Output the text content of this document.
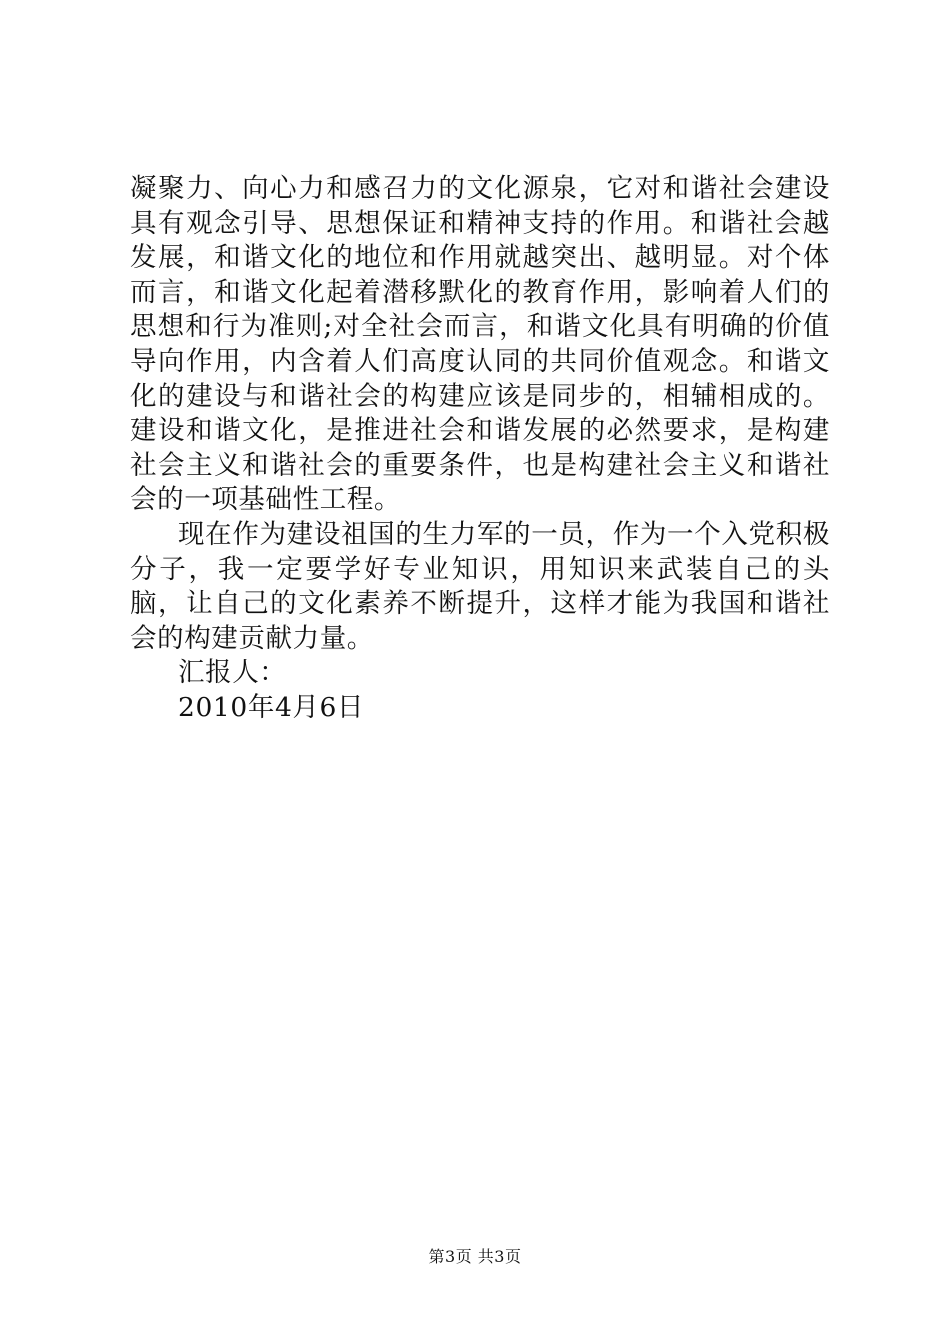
凝聚力、向心力和感召力的文化源泉，它对和谐社会建设具有观念引导、思想保证和精神支持的作用。和谐社会越发展，和谐文化的地位和作用就越突出、越明显。对个体而言，和谐文化起着潜移默化的教育作用，影响着人们的思想和行为准则;对全社会而言，和谐文化具有明确的价值导向作用，内含着人们高度认同的共同价值观念。和谐文化的建设与和谐社会的构建应该是同步的，相辅相成的。建设和谐文化，是推进社会和谐发展的必然要求，是构建社会主义和谐社会的重要条件，也是构建社会主义和谐社会的一项基础性工程。

现在作为建设祖国的生力军的一员，作为一个入党积极分子，我一定要学好专业知识，用知识来武装自己的头脑，让自己的文化素养不断提升，这样才能为我国和谐社会的构建贡献力量。

汇报人：

2010年4月6日

第3页 共3页
